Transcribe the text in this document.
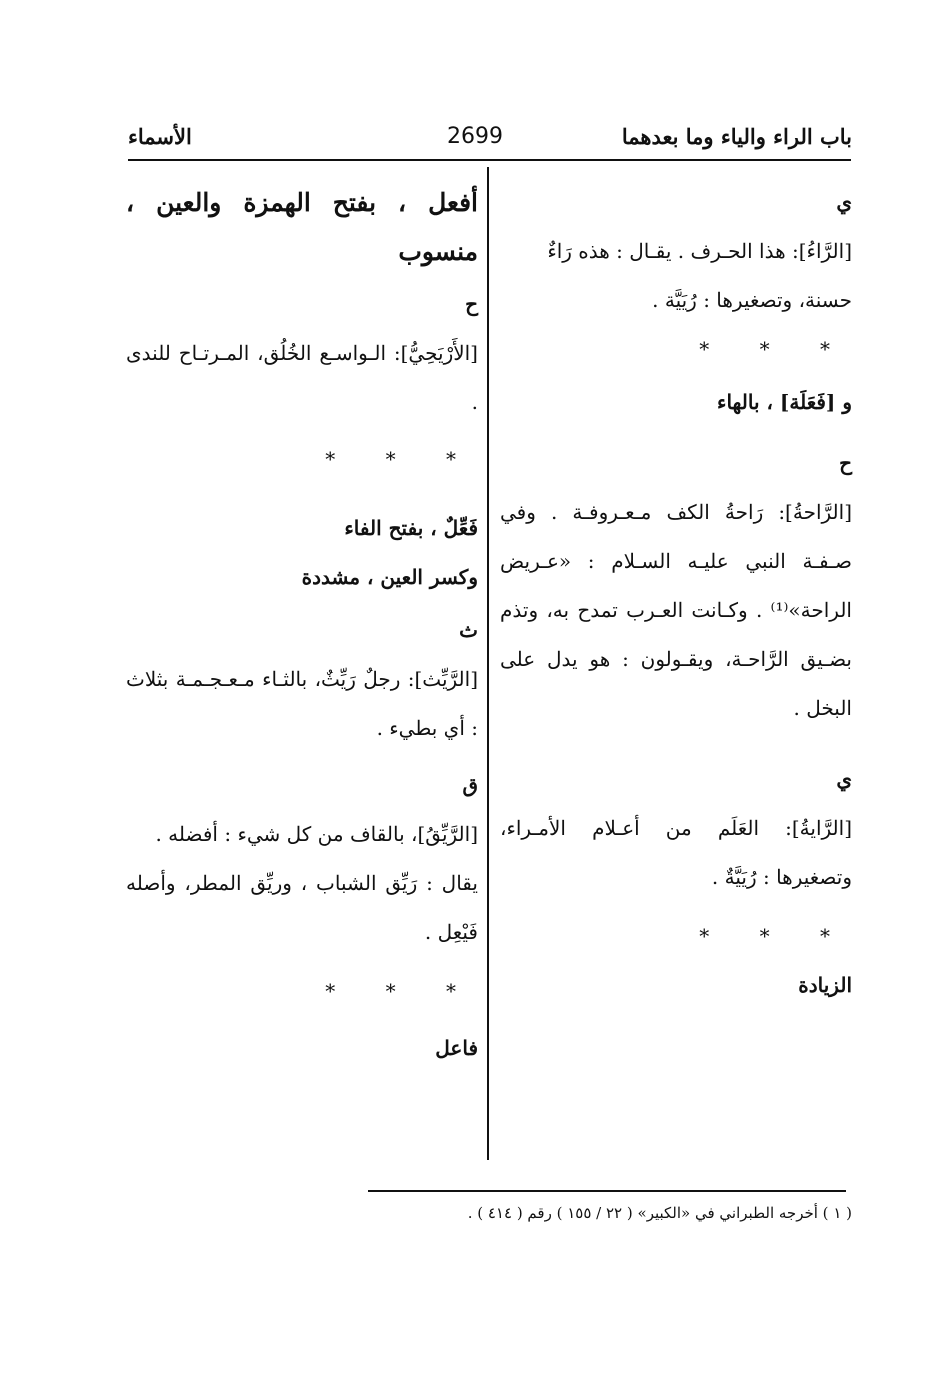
باب الراء والياء وما بعدهما
2699
الأسماء

ي

[الرَّاءُ]: هذا الحـرف . يقـال : هذه رَاءٌ

حسنة، وتصغيرها : رُيَيَّة .

* * *

و [فَعَلَة] ، بالهاء

ح

[الرَّاحةُ]: رَاحةُ الكف مـعـروفـة . وفي صـفـة النبي عليـه السـلام : «عـريض الراحة»⁽¹⁾ . وكـانت العـرب تمدح به، وتذم بضـيق الرَّاحـة، ويقـولون : هو يدل على البخل .

ي

[الرَّايةُ]: العَلَم من أعـلام الأمـراء، وتصغيرها : رُيَيَّةٌ .

* * *

الزيادة

أفعل ، بفتح الهمزة والعين ، منسوب

ح

[الأَرْيَحِيُّ]: الـواسـع الخُلُق، المـرتـاح للندى .

* * *

فَعِّلٌ ، بفتح الفاء

وكسر العين ، مشددة

ث

[الرَّيِّث]: رجلٌ رَيِّثٌ، بالثـاء مـعـجـمـة بثلاث : أي بطيء .

ق

[الرَّيِّقُ]، بالقاف من كل شيء : أفضله .

يقال : رَيِّق الشباب ، وريِّق المطر، وأصله فَيْعِل .

* * *

فاعل

( ١ ) أخرجه الطبراني في «الكبير» ( ٢٢ / ١٥٥ ) رقم ( ٤١٤ ) .
